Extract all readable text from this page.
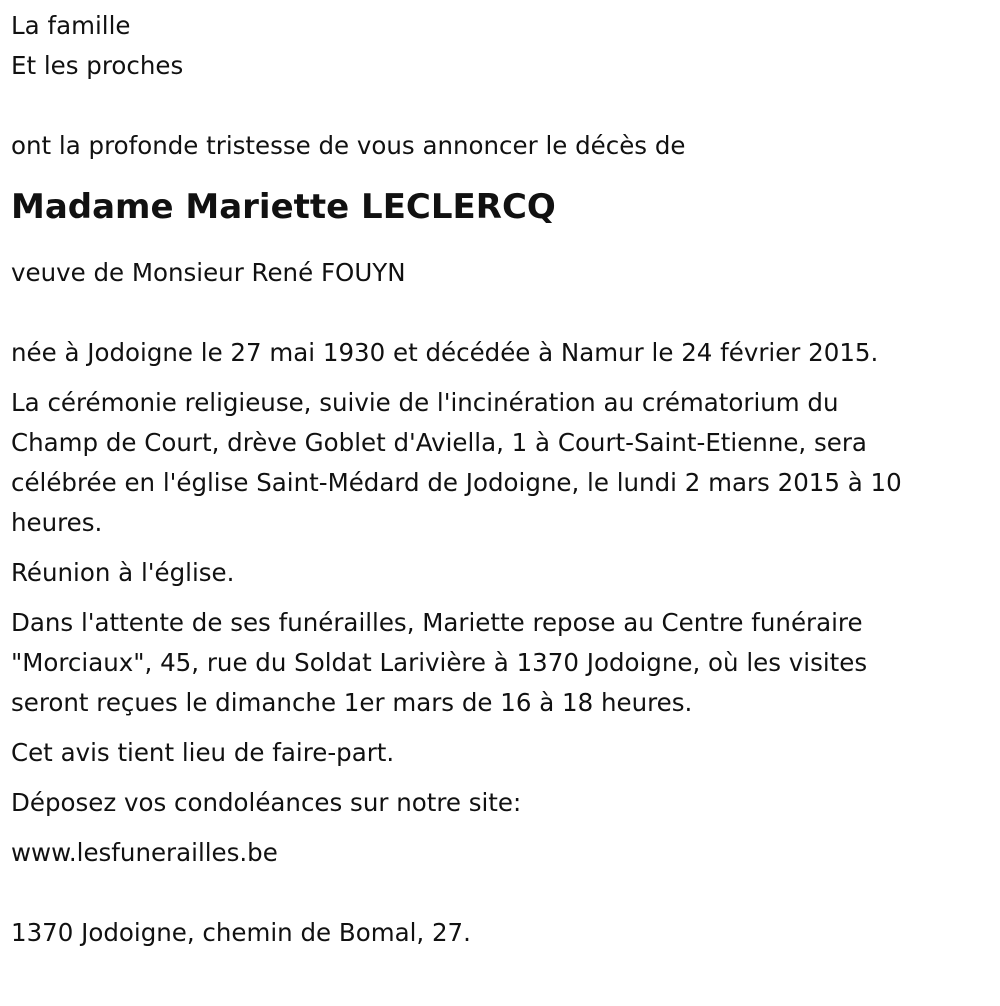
La famille
Et les proches
ont la profonde tristesse de vous annoncer le décès de
Madame Mariette LECLERCQ
veuve de Monsieur René FOUYN
née à Jodoigne le 27 mai 1930 et décédée à Namur le 24 février 2015.
La cérémonie religieuse, suivie de l'incinération au crématorium du
Champ de Court, drève Goblet d'Aviella, 1 à Court-Saint-Etienne, sera
célébrée en l'église Saint-Médard de Jodoigne, le lundi 2 mars 2015 à 10
heures.
Réunion à l'église.
Dans l'attente de ses funérailles, Mariette repose au Centre funéraire
"Morciaux", 45, rue du Soldat Larivière à 1370 Jodoigne, où les visites
seront reçues le dimanche 1er mars de 16 à 18 heures.
Cet avis tient lieu de faire-part.
Déposez vos condoléances sur notre site:
www.lesfunerailles.be
1370 Jodoigne, chemin de Bomal, 27.
